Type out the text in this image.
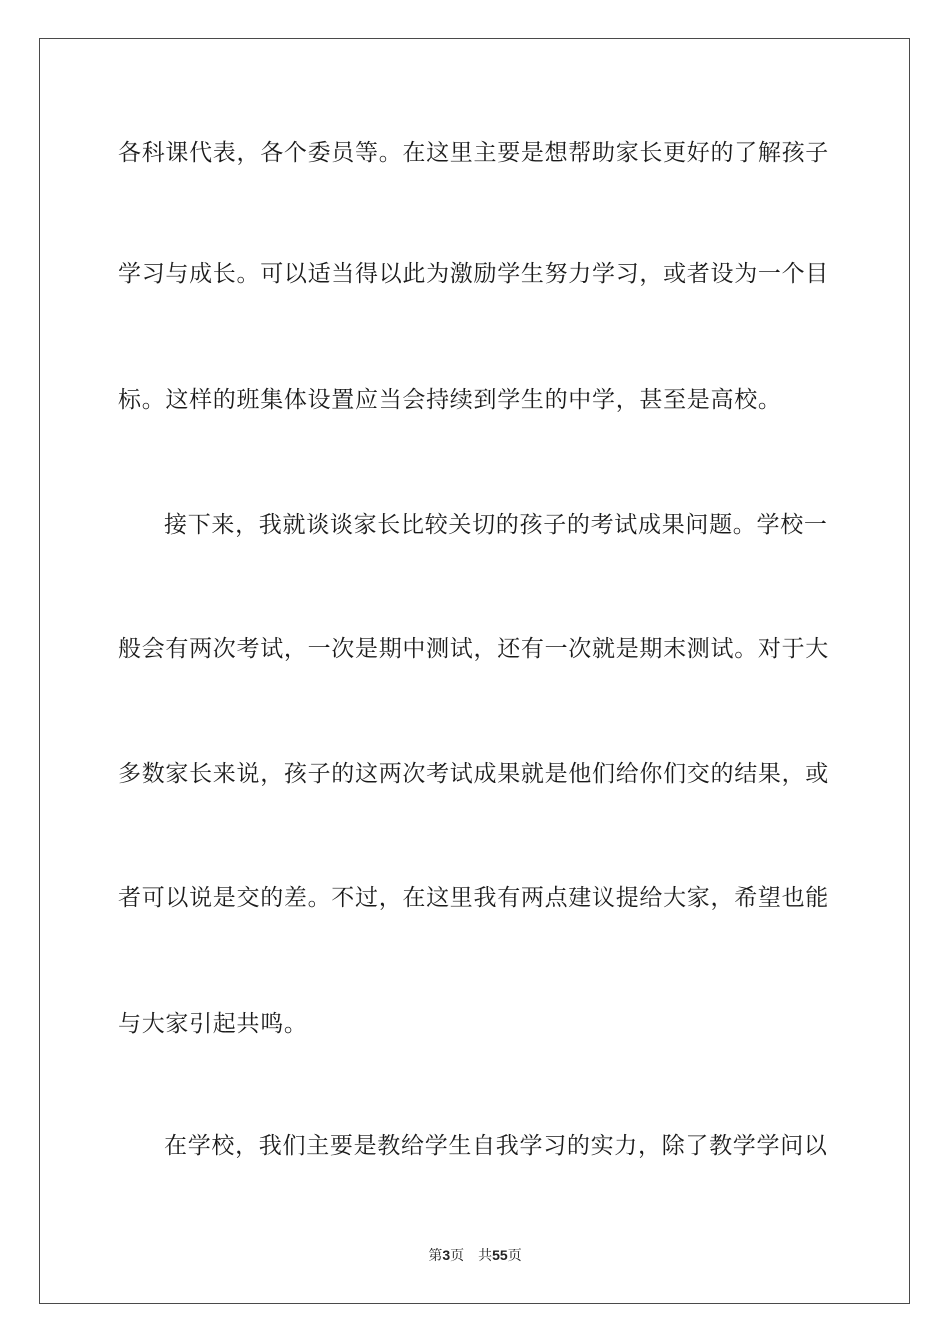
各科课代表，各个委员等。在这里主要是想帮助家长更好的了解孩子
学习与成长。可以适当得以此为激励学生努力学习，或者设为一个目
标。这样的班集体设置应当会持续到学生的中学，甚至是高校。
接下来，我就谈谈家长比较关切的孩子的考试成果问题。学校一
般会有两次考试，一次是期中测试，还有一次就是期末测试。对于大
多数家长来说，孩子的这两次考试成果就是他们给你们交的结果，或
者可以说是交的差。不过，在这里我有两点建议提给大家，希望也能
与大家引起共鸣。
在学校，我们主要是教给学生自我学习的实力，除了教学学问以
第3页 共55页
